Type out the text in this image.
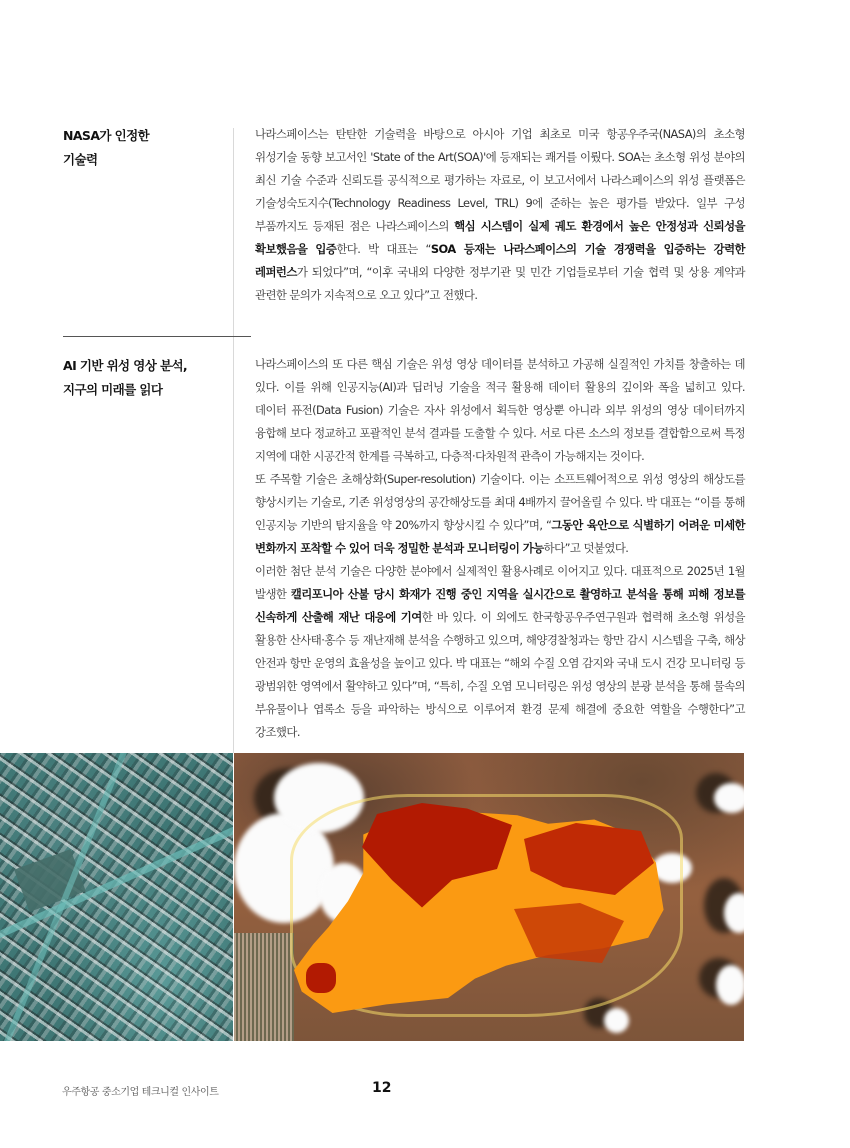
NASA가 인정한
기술력

나라스페이스는 탄탄한 기술력을 바탕으로 아시아 기업 최초로 미국 항공우주국(NASA)의 초소형 위성기술 동향 보고서인 'State of the Art(SOA)'에 등재되는 쾌거를 이뤘다. SOA는 초소형 위성 분야의 최신 기술 수준과 신뢰도를 공식적으로 평가하는 자료로, 이 보고서에서 나라스페이스의 위성 플랫폼은 기술성숙도지수(Technology Readiness Level, TRL) 9에 준하는 높은 평가를 받았다. 일부 구성 부품까지도 등재된 점은 나라스페이스의 핵심 시스템이 실제 궤도 환경에서 높은 안정성과 신뢰성을 확보했음을 입증한다. 박 대표는 “SOA 등재는 나라스페이스의 기술 경쟁력을 입증하는 강력한 레퍼런스가 되었다”며, “이후 국내외 다양한 정부기관 및 민간 기업들로부터 기술 협력 및 상용 계약과 관련한 문의가 지속적으로 오고 있다”고 전했다.

AI 기반 위성 영상 분석,
지구의 미래를 읽다

나라스페이스의 또 다른 핵심 기술은 위성 영상 데이터를 분석하고 가공해 실질적인 가치를 창출하는 데 있다. 이를 위해 인공지능(AI)과 딥러닝 기술을 적극 활용해 데이터 활용의 깊이와 폭을 넓히고 있다. 데이터 퓨전(Data Fusion) 기술은 자사 위성에서 획득한 영상뿐 아니라 외부 위성의 영상 데이터까지 융합해 보다 정교하고 포괄적인 분석 결과를 도출할 수 있다. 서로 다른 소스의 정보를 결합함으로써 특정 지역에 대한 시공간적 한계를 극복하고, 다층적·다차원적 관측이 가능해지는 것이다.

또 주목할 기술은 초해상화(Super-resolution) 기술이다. 이는 소프트웨어적으로 위성 영상의 해상도를 향상시키는 기술로, 기존 위성영상의 공간해상도를 최대 4배까지 끌어올릴 수 있다. 박 대표는 “이를 통해 인공지능 기반의 탐지율을 약 20%까지 향상시킬 수 있다”며, “그동안 육안으로 식별하기 어려운 미세한 변화까지 포착할 수 있어 더욱 정밀한 분석과 모니터링이 가능하다”고 덧붙였다.

이러한 첨단 분석 기술은 다양한 분야에서 실제적인 활용사례로 이어지고 있다. 대표적으로 2025년 1월 발생한 캘리포니아 산불 당시 화재가 진행 중인 지역을 실시간으로 촬영하고 분석을 통해 피해 정보를 신속하게 산출해 재난 대응에 기여한 바 있다. 이 외에도 한국항공우주연구원과 협력해 초소형 위성을 활용한 산사태·홍수 등 재난재해 분석을 수행하고 있으며, 해양경찰청과는 항만 감시 시스템을 구축, 해상 안전과 항만 운영의 효율성을 높이고 있다. 박 대표는 “해외 수질 오염 감지와 국내 도시 건강 모니터링 등 광범위한 영역에서 활약하고 있다”며, “특히, 수질 오염 모니터링은 위성 영상의 분광 분석을 통해 물속의 부유물이나 엽록소 등을 파악하는 방식으로 이루어져 환경 문제 해결에 중요한 역할을 수행한다”고 강조했다.

우주항공 중소기업 테크니컬 인사이트	12
